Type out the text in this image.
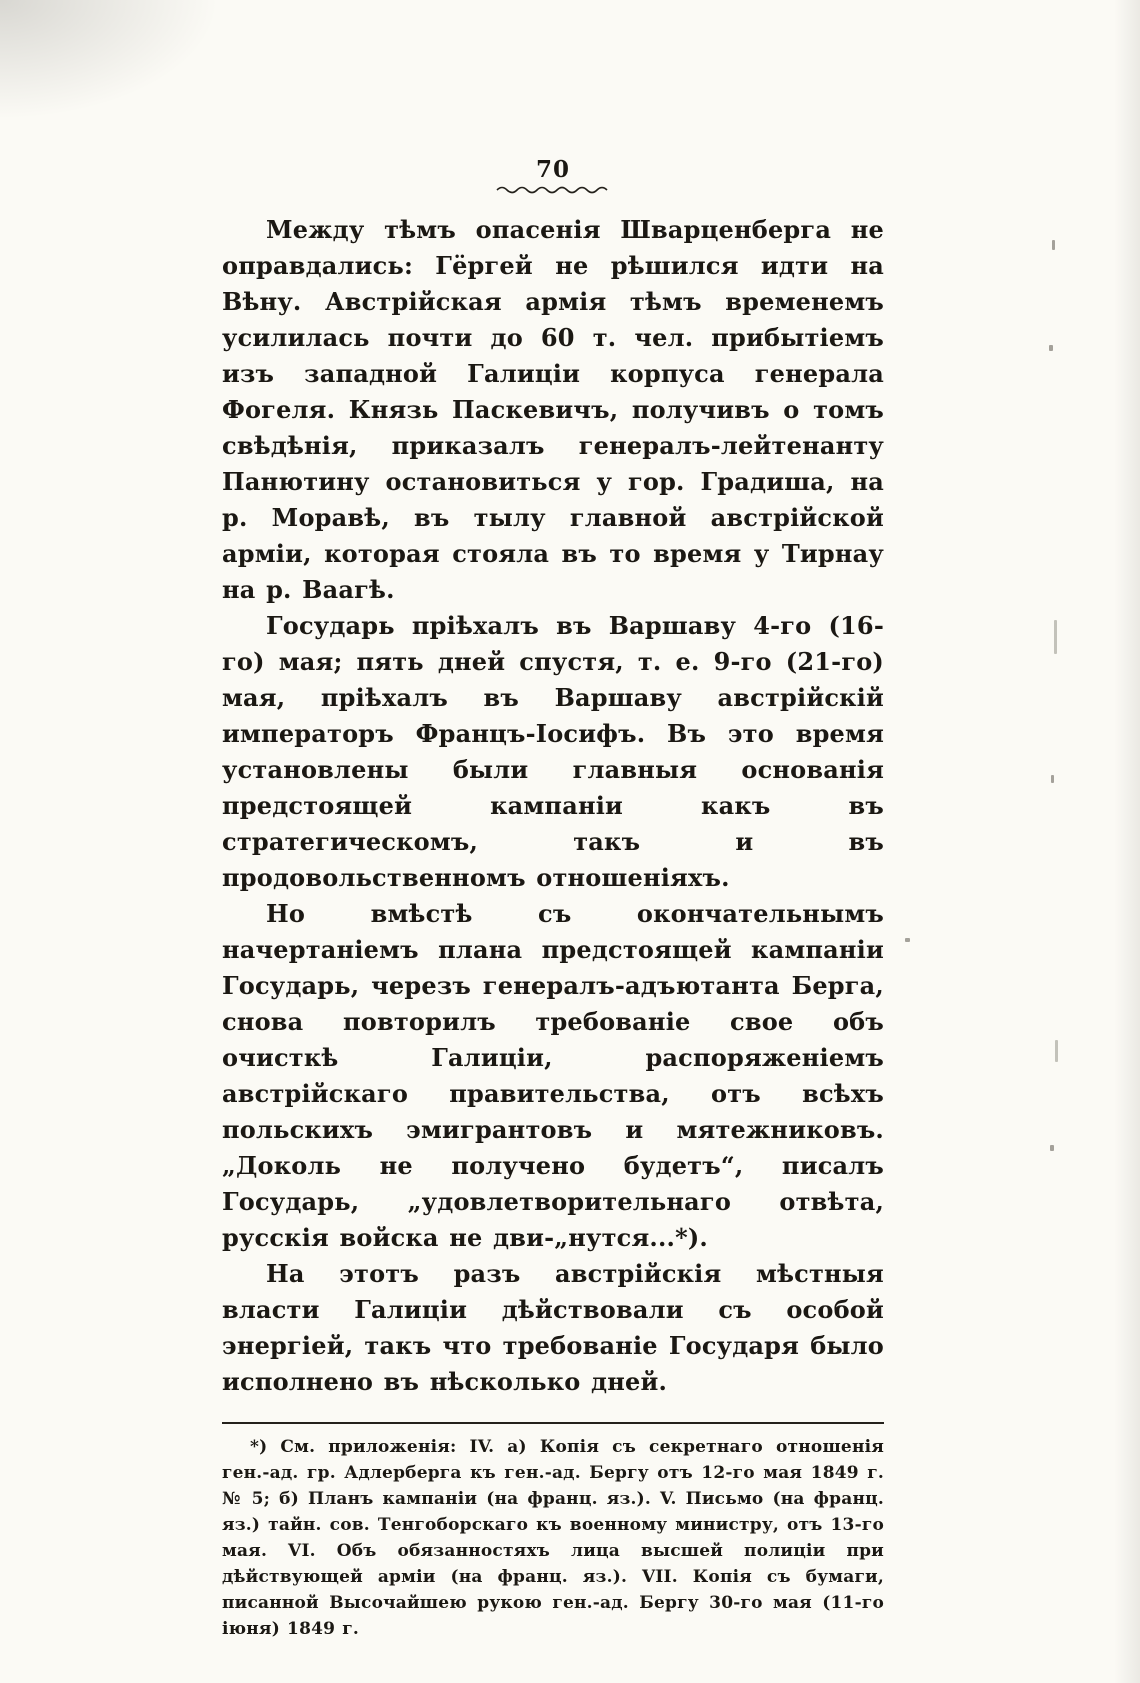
70

Между тѣмъ опасенія Шварценберга не оправдались: Гёргей не рѣшился идти на Вѣну. Австрійская армія тѣмъ временемъ усилилась почти до 60 т. чел. прибытіемъ изъ западной Галиціи корпуса генерала Фогеля. Князь Паскевичъ, получивъ о томъ свѣдѣнія, приказалъ генералъ-лейтенанту Панютину остановиться у гор. Градиша, на р. Моравѣ, въ тылу главной австрійской арміи, которая стояла въ то время у Тирнау на р. Ваагѣ.

Государь пріѣхалъ въ Варшаву 4-го (16-го) мая; пять дней спустя, т. е. 9-го (21-го) мая, пріѣхалъ въ Варшаву австрійскій императоръ Францъ-Іосифъ. Въ это время установлены были главныя основанія предстоящей кампаніи какъ въ стратегическомъ, такъ и въ продовольственномъ отношеніяхъ.

Но вмѣстѣ съ окончательнымъ начертаніемъ плана предстоящей кампаніи Государь, черезъ генералъ-адъютанта Берга, снова повторилъ требованіе свое объ очисткѣ Галиціи, распоряженіемъ австрійскаго правительства, отъ всѣхъ польскихъ эмигрантовъ и мятежниковъ. „Доколь не получено будетъ“, писалъ Государь, „удовлетворительнаго отвѣта, русскія войска не дви-„нутся...*).

На этотъ разъ австрійскія мѣстныя власти Галиціи дѣйствовали съ особой энергіей, такъ что требованіе Государя было исполнено въ нѣсколько дней.

*) См. приложенія: IV. а) Копія съ секретнаго отношенія ген.-ад. гр. Адлерберга къ ген.-ад. Бергу отъ 12-го мая 1849 г. № 5; б) Планъ кампаніи (на франц. яз.). V. Письмо (на франц. яз.) тайн. сов. Тенгоборскаго къ военному министру, отъ 13-го мая. VI. Объ обязанностяхъ лица высшей полиціи при дѣйствующей арміи (на франц. яз.). VII. Копія съ бумаги, писанной Высочайшею рукою ген.-ад. Бергу 30-го мая (11-го іюня) 1849 г.
